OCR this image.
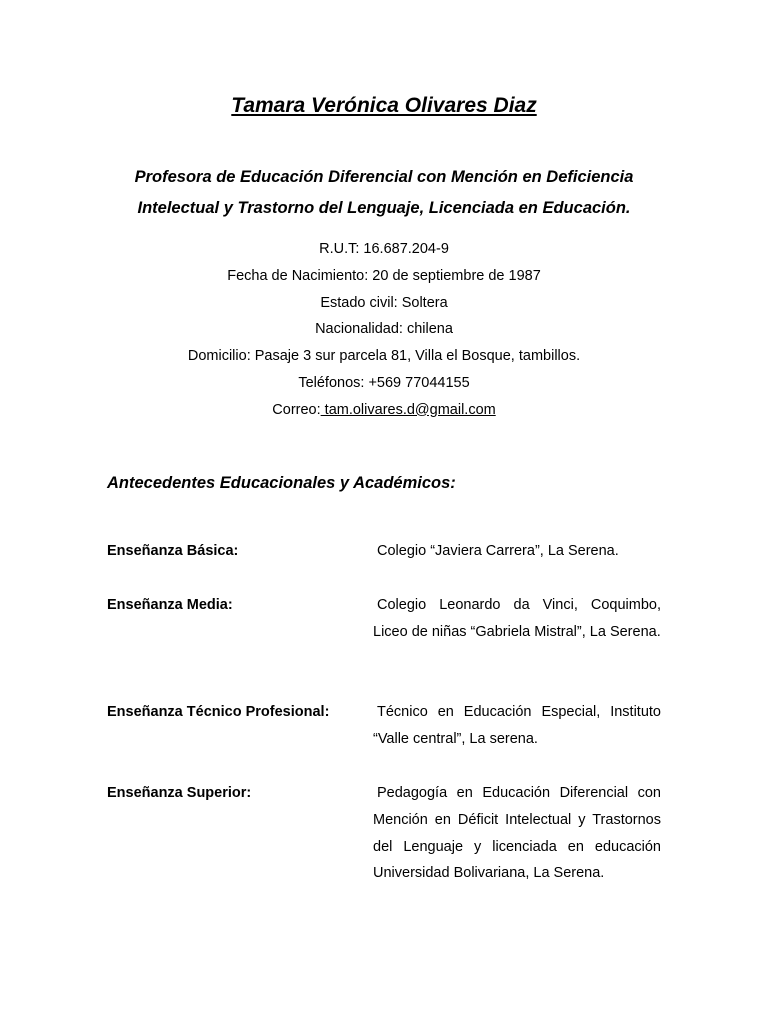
Tamara Verónica Olivares Diaz
Profesora de Educación Diferencial con Mención en Deficiencia Intelectual y Trastorno del Lenguaje, Licenciada en Educación.
R.U.T: 16.687.204-9
Fecha de Nacimiento: 20 de septiembre de 1987
Estado civil: Soltera
Nacionalidad: chilena
Domicilio: Pasaje 3 sur parcela 81, Villa el Bosque, tambillos.
Teléfonos: +569 77044155
Correo: tam.olivares.d@gmail.com
Antecedentes Educacionales y Académicos:
Enseñanza Básica:	Colegio “Javiera Carrera”, La Serena.
Enseñanza Media:	Colegio Leonardo da Vinci, Coquimbo, Liceo de niñas “Gabriela Mistral”, La Serena.
Enseñanza Técnico Profesional:	Técnico en Educación Especial, Instituto “Valle central”, La serena.
Enseñanza Superior:	Pedagogía en Educación Diferencial con Mención en Déficit Intelectual y Trastornos del Lenguaje y licenciada en educación Universidad Bolivariana, La Serena.
